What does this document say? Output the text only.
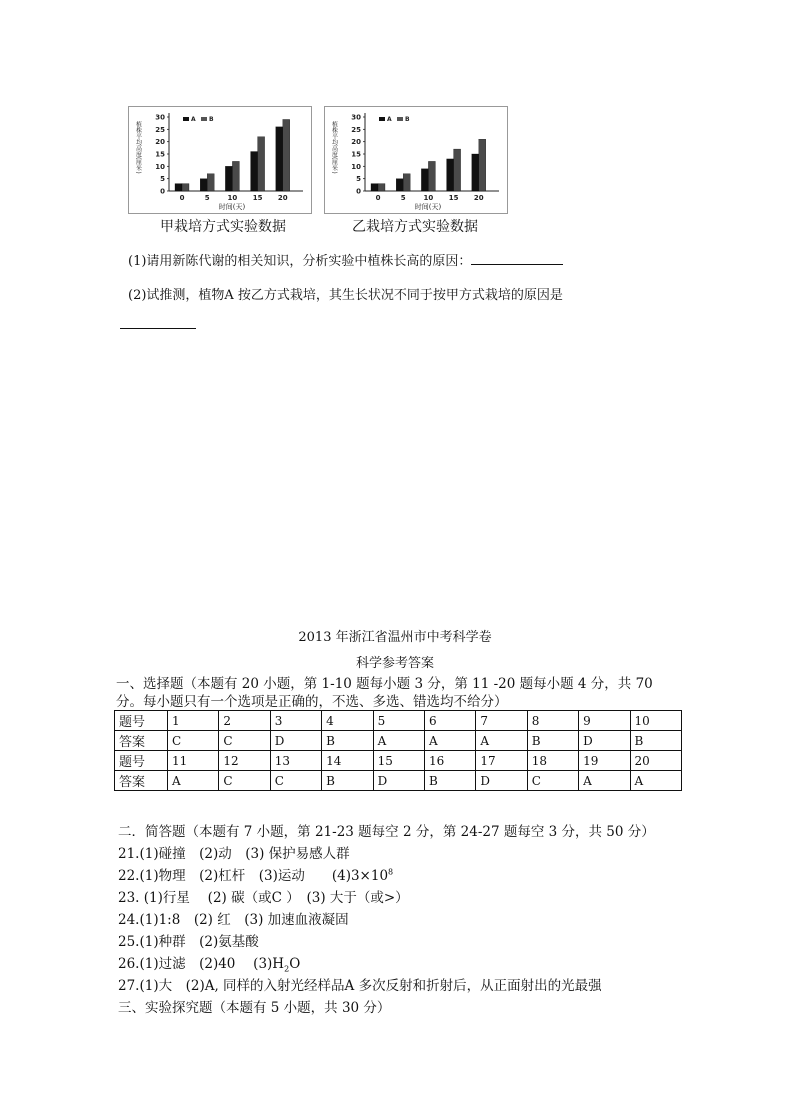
植株平均高度(厘米)
0
5
10
15
20
25
30	A B
0	5	10 15 20
时间(天)
甲栽培方式实验数据
植株平均高度(厘米)
0
5
10
15
20
25
30	A B
0	5	10 15 20
时间(天)
乙栽培方式实验数据
(1)请用新陈代谢的相关知识，分析实验中植株长高的原因：
(2)试推测，植物A 按乙方式栽培，其生长状况不同于按甲方式栽培的原因是
2013 年浙江省温州市中考科学卷
科学参考答案
一、选择题（本题有 20 小题，第 1-10 题每小题 3 分，第 11 -20 题每小题 4 分，共 70
分。每小题只有一个选项是正确的，不选、多选、错选均不给分）
题号	1	2	3	4	5	6	7	8	9	10
答案	C	C	D	B	A	A	A	B	D	B
题号	11	12	13	14	15	16	17	18	19	20
答案	A	C	C	B	D	B	D	C	A	A
二．简答题（本题有 7 小题，第 21-23 题每空 2 分，第 24-27 题每空 3 分，共 50 分）
21.(1)碰撞　(2)动　(3) 保护易感人群
22.(1)物理　(2)杠杆　(3)运动　　$(4)3\times 10^8$
23. (1)行星　 (2) 碳（或C ）　(3) 大于（或>）
24.(1)1:8　(2) 红　(3) 加速血液凝固
25.(1)种群　(2)氨基酸
26.(1)过滤　(2)40　 $(3)H_2O$
27.(1)大　(2)A, 同样的入射光经样品A 多次反射和折射后，从正面射出的光最强
三、实验探究题（本题有 5 小题，共 30 分）
